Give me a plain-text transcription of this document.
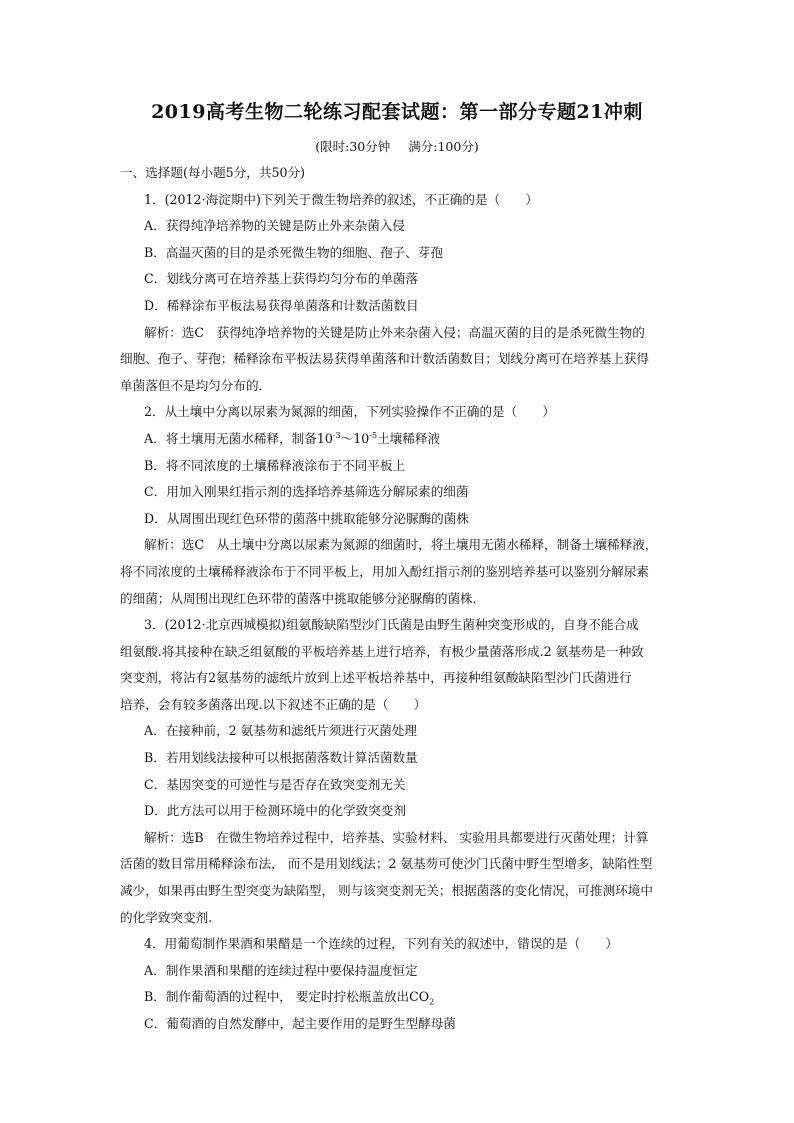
2019高考生物二轮练习配套试题：第一部分专题21冲刺
(限时:30分钟 满分:100分)
一、选择题(每小题5分，共50分)
1．(2012·海淀期中)下列关于微生物培养的叙述，不正确的是（　　）
A．获得纯净培养物的关键是防止外来杂菌入侵
B．高温灭菌的目的是杀死微生物的细胞、孢子、芽孢
C．划线分离可在培养基上获得均匀分布的单菌落
D．稀释涂布平板法易获得单菌落和计数活菌数目
解析：选C　获得纯净培养物的关键是防止外来杂菌入侵；高温灭菌的目的是杀死微生物的
细胞、孢子、芽孢；稀释涂布平板法易获得单菌落和计数活菌数目；划线分离可在培养基上获得
单菌落但不是均匀分布的．
2．从土壤中分离以尿素为氮源的细菌，下列实验操作不正确的是（　　）
A．将土壤用无菌水稀释，制备$10^{-3}\sim 10^{-5}$土壤稀释液
B．将不同浓度的土壤稀释液涂布于不同平板上
C．用加入刚果红指示剂的选择培养基筛选分解尿素的细菌
D．从周围出现红色环带的菌落中挑取能够分泌脲酶的菌株
解析：选C　从土壤中分离以尿素为氮源的细菌时，将土壤用无菌水稀释，制备土壤稀释液，
将不同浓度的土壤稀释液涂布于不同平板上，用加入酚红指示剂的鉴别培养基可以鉴别分解尿素
的细菌；从周围出现红色环带的菌落中挑取能够分泌脲酶的菌株．
3．(2012·北京西城模拟)组氨酸缺陷型沙门氏菌是由野生菌种突变形成的，自身不能合成
组氨酸.将其接种在缺乏组氨酸的平板培养基上进行培养，有极少量菌落形成.2 氨基芴是一种致
突变剂，将沾有2氨基芴的滤纸片放到上述平板培养基中，再接种组氨酸缺陷型沙门氏菌进行
培养，会有较多菌落出现.以下叙述不正确的是（　　）
A．在接种前，2 氨基芴和滤纸片须进行灭菌处理
B．若用划线法接种可以根据菌落数计算活菌数量
C．基因突变的可逆性与是否存在致突变剂无关
D．此方法可以用于检测环境中的化学致突变剂
解析：选B　在微生物培养过程中，培养基、实验材料、 实验用具都要进行灭菌处理；计算
活菌的数目常用稀释涂布法， 而不是用划线法；2 氨基芴可使沙门氏菌中野生型增多，缺陷性型
减少，如果再由野生型突变为缺陷型， 则与该突变剂无关；根据菌落的变化情况，可推测环境中
的化学致突变剂.
4．用葡萄制作果酒和果醋是一个连续的过程，下列有关的叙述中，错误的是（　　）
A．制作果酒和果醋的连续过程中要保持温度恒定
B．制作葡萄酒的过程中， 要定时拧松瓶盖放出$CO_2$
C．葡萄酒的自然发酵中，起主要作用的是野生型酵母菌
